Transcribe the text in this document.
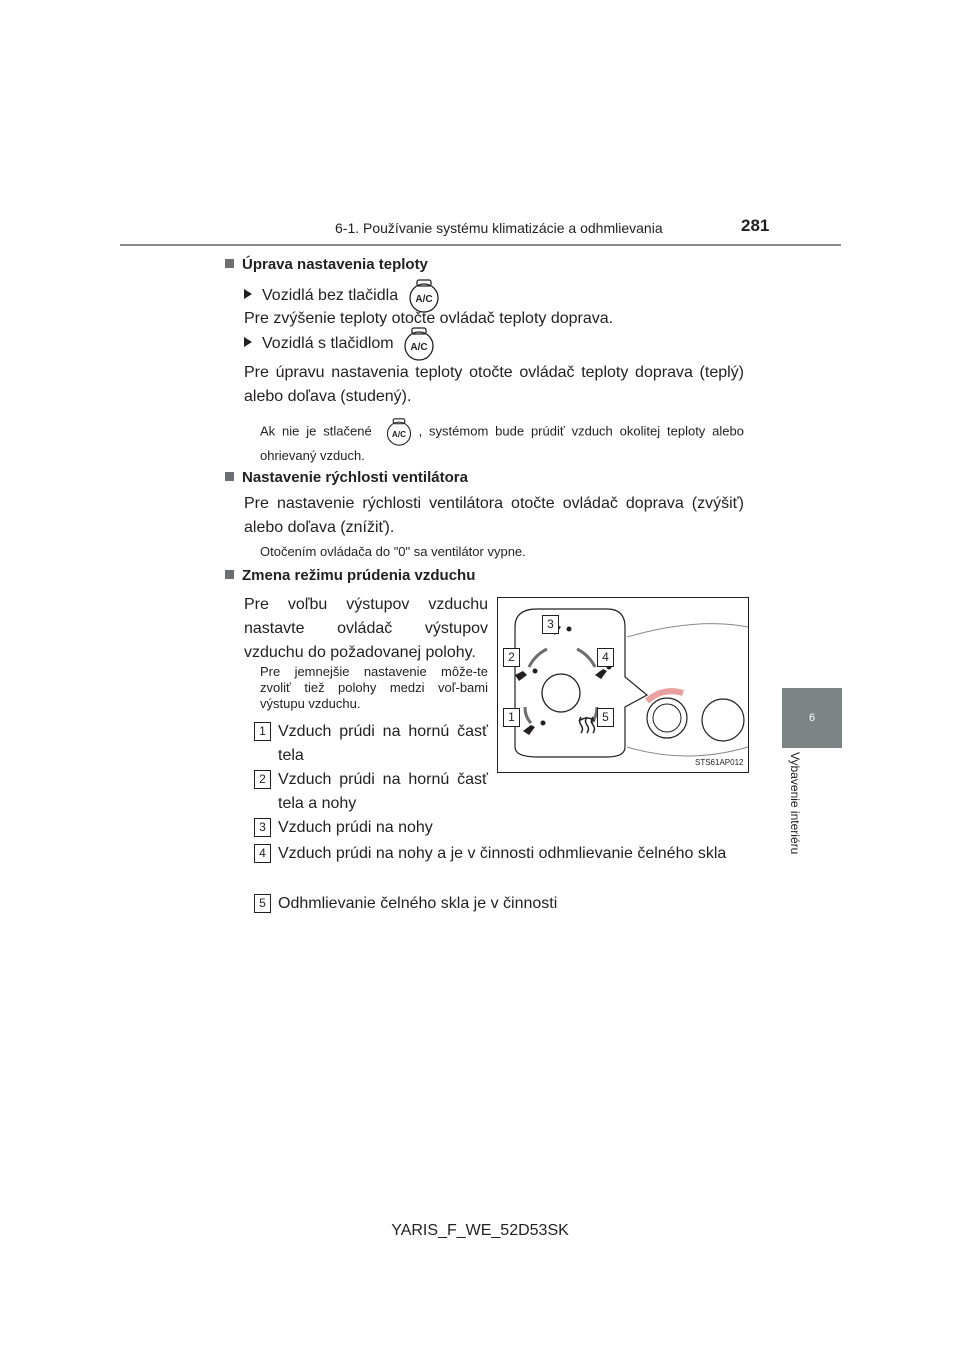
6-1. Používanie systému klimatizácie a odhmlievania	281
6
Vybavenie interiéru
Úprava nastavenia teploty
Vozidlá bez tlačidla A/C
Pre zvýšenie teploty otočte ovládač teploty doprava.
Vozidlá s tlačidlom A/C
Pre úpravu nastavenia teploty otočte ovládač teploty doprava (teplý) alebo doľava (studený).
Ak nie je stlačené A/C , systémom bude prúdiť vzduch okolitej teploty alebo ohrievaný vzduch.
Nastavenie rýchlosti ventilátora
Pre nastavenie rýchlosti ventilátora otočte ovládač doprava (zvýšiť) alebo doľava (znížiť).
Otočením ovládača do "0" sa ventilátor vypne.
Zmena režimu prúdenia vzduchu
Pre voľbu výstupov vzduchu nastavte ovládač výstupov vzduchu do požadovanej polohy.
Pre jemnejšie nastavenie môže-te zvoliť tiež polohy medzi voľ-bami výstupu vzduchu.
1 Vzduch prúdi na hornú časť tela
2 Vzduch prúdi na hornú časť tela a nohy
3 Vzduch prúdi na nohy
4 Vzduch prúdi na nohy a je v činnosti odhmlievanie čelného skla
5 Odhmlievanie čelného skla je v činnosti
3
2	4
1	5
STS61AP012
YARIS_F_WE_52D53SK
